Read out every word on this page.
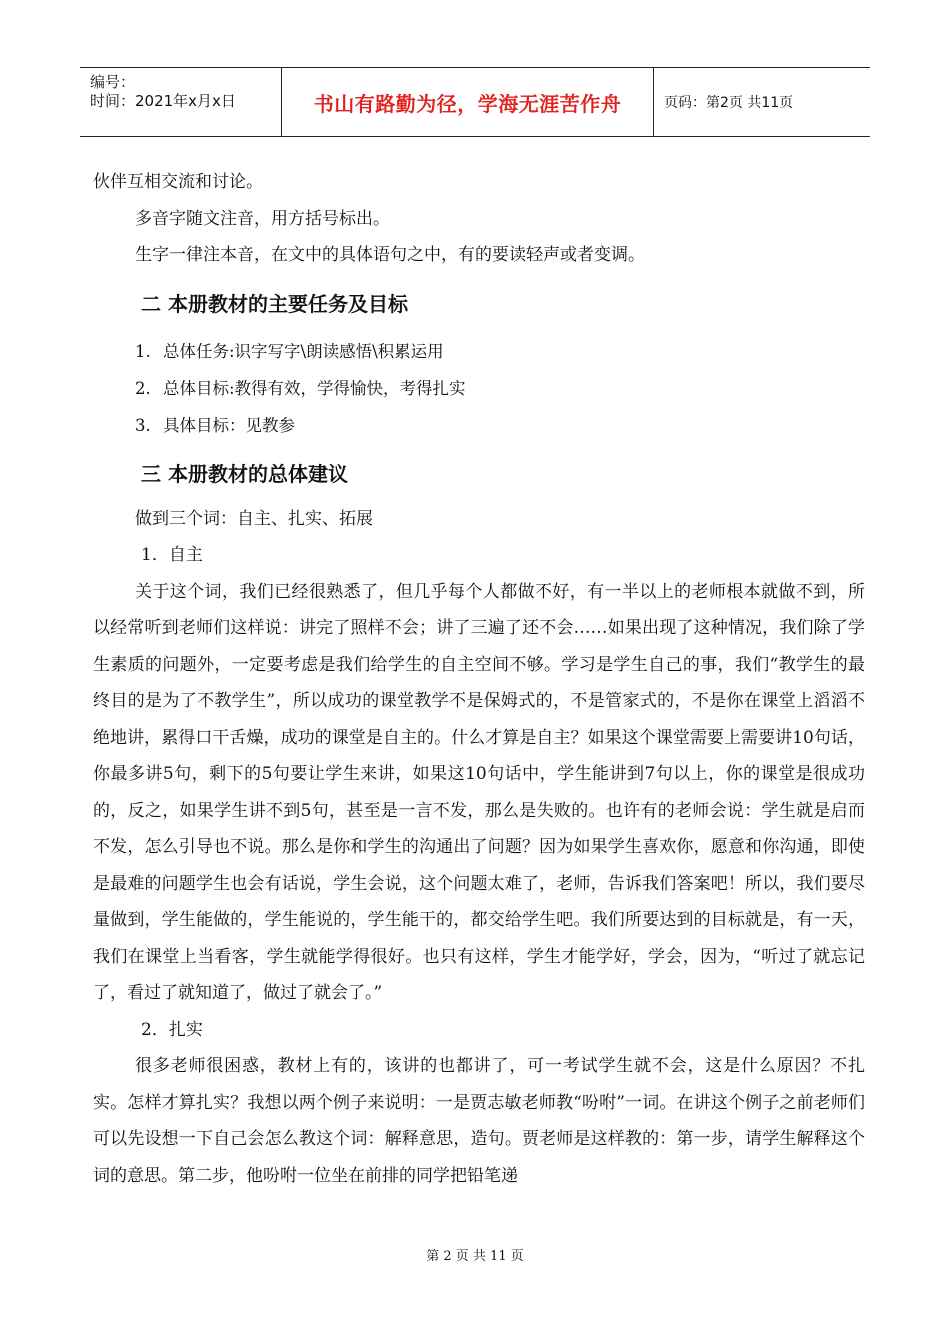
编号：
时间：2021年x月x日	书山有路勤为径，学海无涯苦作舟	页码：第2页 共11页

伙伴互相交流和讨论。

多音字随文注音，用方括号标出。

生字一律注本音，在文中的具体语句之中，有的要读轻声或者变调。

二 本册教材的主要任务及目标

1. 总体任务:识字写字\朗读感悟\积累运用

2. 总体目标:教得有效，学得愉快，考得扎实

3. 具体目标：见教参

三 本册教材的总体建议

做到三个词：自主、扎实、拓展

1．自主

关于这个词，我们已经很熟悉了，但几乎每个人都做不好，有一半以上的老师根本就做不到，所以经常听到老师们这样说：讲完了照样不会；讲了三遍了还不会……如果出现了这种情况，我们除了学生素质的问题外，一定要考虑是我们给学生的自主空间不够。学习是学生自己的事，我们“教学生的最终目的是为了不教学生”，所以成功的课堂教学不是保姆式的，不是管家式的，不是你在课堂上滔滔不绝地讲，累得口干舌燥，成功的课堂是自主的。什么才算是自主？如果这个课堂需要上需要讲10句话，你最多讲5句，剩下的5句要让学生来讲，如果这10句话中，学生能讲到7句以上，你的课堂是很成功的，反之，如果学生讲不到5句，甚至是一言不发，那么是失败的。也许有的老师会说：学生就是启而不发，怎么引导也不说。那么是你和学生的沟通出了问题？因为如果学生喜欢你，愿意和你沟通，即使是最难的问题学生也会有话说，学生会说，这个问题太难了，老师，告诉我们答案吧！所以，我们要尽量做到，学生能做的，学生能说的，学生能干的，都交给学生吧。我们所要达到的目标就是，有一天，我们在课堂上当看客，学生就能学得很好。也只有这样，学生才能学好，学会，因为，“听过了就忘记了，看过了就知道了，做过了就会了。”

2．扎实

很多老师很困惑，教材上有的，该讲的也都讲了，可一考试学生就不会，这是什么原因？不扎实。怎样才算扎实？我想以两个例子来说明：一是贾志敏老师教“吩咐”一词。在讲这个例子之前老师们可以先设想一下自己会怎么教这个词：解释意思，造句。贾老师是这样教的：第一步，请学生解释这个词的意思。第二步，他吩咐一位坐在前排的同学把铅笔递

第 2 页 共 11 页
